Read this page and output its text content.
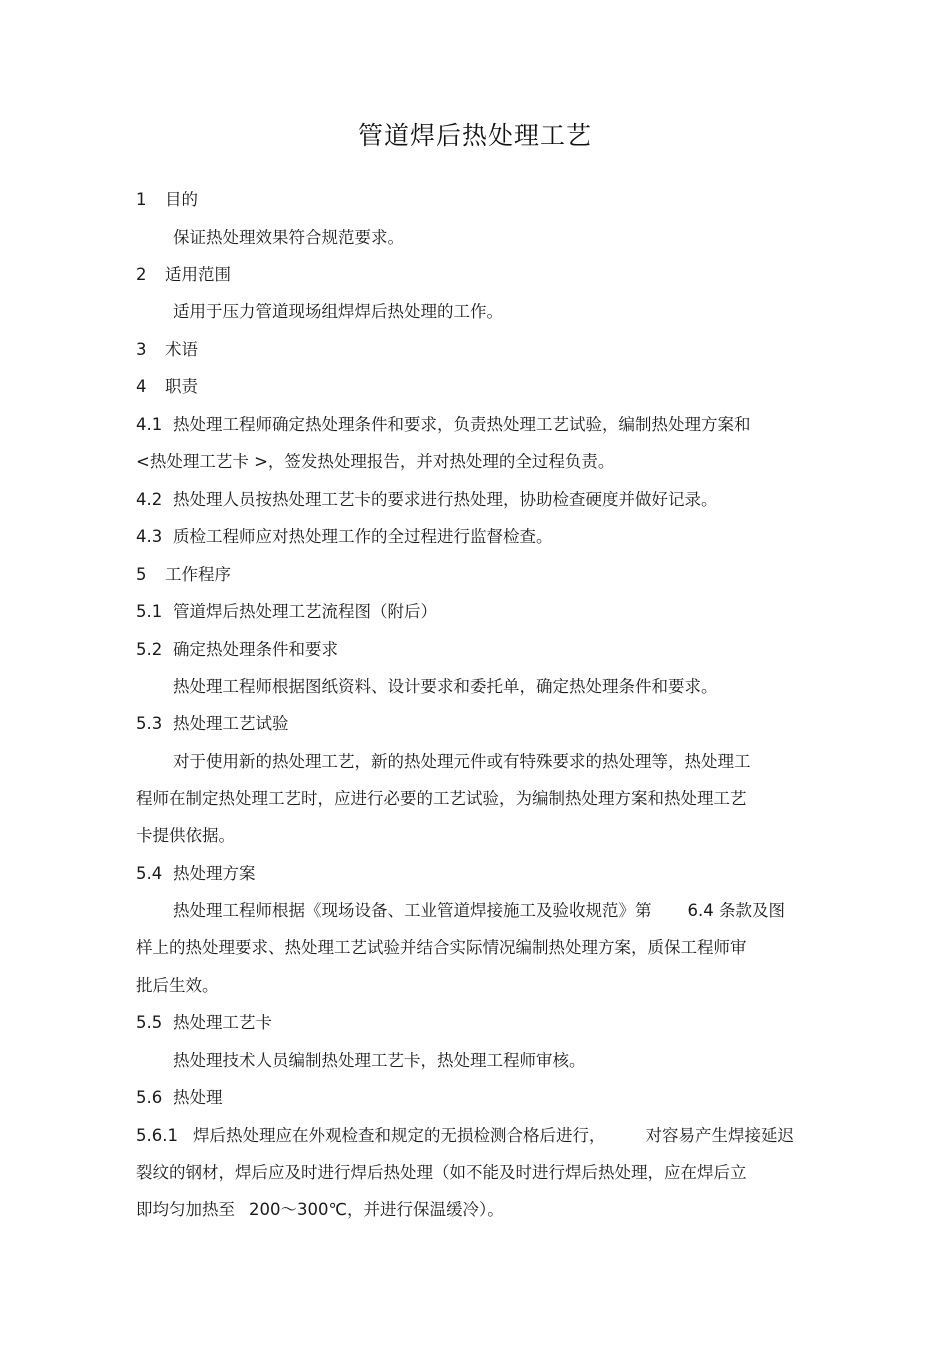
管道焊后热处理工艺
1 目的
保证热处理效果符合规范要求。
2 适用范围
适用于压力管道现场组焊焊后热处理的工作。
3 术语
4 职责
4.1 热处理工程师确定热处理条件和要求，负责热处理工艺试验，编制热处理方案和
<热处理工艺卡 >，签发热处理报告，并对热处理的全过程负责。
4.2 热处理人员按热处理工艺卡的要求进行热处理，协助检查硬度并做好记录。
4.3 质检工程师应对热处理工作的全过程进行监督检查。
5 工作程序
5.1 管道焊后热处理工艺流程图（附后）
5.2 确定热处理条件和要求
热处理工程师根据图纸资料、设计要求和委托单，确定热处理条件和要求。
5.3 热处理工艺试验
对于使用新的热处理工艺，新的热处理元件或有特殊要求的热处理等，热处理工
程师在制定热处理工艺时，应进行必要的工艺试验，为编制热处理方案和热处理工艺
卡提供依据。
5.4 热处理方案
热处理工程师根据《现场设备、工业管道焊接施工及验收规范》第 6.4 条款及图
样上的热处理要求、热处理工艺试验并结合实际情况编制热处理方案，质保工程师审
批后生效。
5.5 热处理工艺卡
热处理技术人员编制热处理工艺卡，热处理工程师审核。
5.6 热处理
5.6.1 焊后热处理应在外观检查和规定的无损检测合格后进行， 对容易产生焊接延迟
裂纹的钢材，焊后应及时进行焊后热处理（如不能及时进行焊后热处理，应在焊后立
即均匀加热至 200～300℃，并进行保温缓冷）。
